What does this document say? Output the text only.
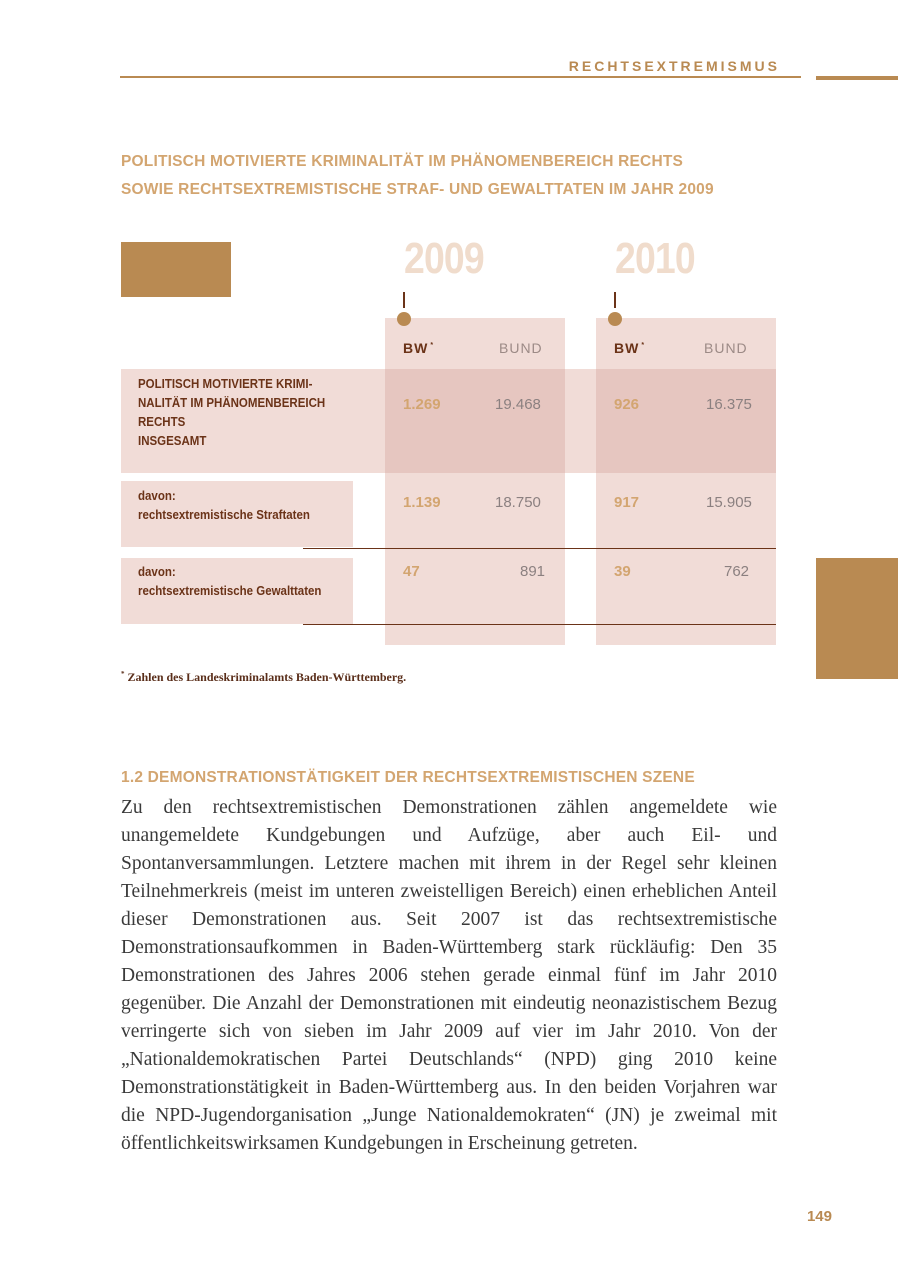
RECHTSEXTREMISMUS
POLITISCH MOTIVIERTE KRIMINALITÄT IM PHÄNOMENBEREICH RECHTS
SOWIE RECHTSEXTREMISTISCHE STRAF- UND GEWALTTATEN IM JAHR 2009
2009	2010
BW *	BUND	BW *	BUND
POLITISCH MOTIVIERTE KRIMI-
NALITÄT IM PHÄNOMENBEREICH
RECHTS
INSGESAMT
1.269	19.468	926	16.375
davon:
rechtsextremistische Straftaten
1.139	18.750	917	15.905
davon:
rechtsextremistische Gewalttaten
47	891	39	762
* Zahlen des Landeskriminalamts Baden-Württemberg.
1.2 DEMONSTRATIONSTÄTIGKEIT DER RECHTSEXTREMISTISCHEN SZENE
Zu den rechtsextremistischen Demonstrationen zählen angemeldete wie unangemeldete Kundgebungen und Aufzüge, aber auch Eil- und Spontanversammlungen. Letztere machen mit ihrem in der Regel sehr kleinen Teilnehmerkreis (meist im unteren zweistelligen Bereich) einen erheblichen Anteil dieser Demonstrationen aus. Seit 2007 ist das rechtsextremistische Demonstrationsaufkommen in Baden-Württemberg stark rückläufig: Den 35 Demonstrationen des Jahres 2006 stehen gerade einmal fünf im Jahr 2010 gegenüber. Die Anzahl der Demonstrationen mit eindeutig neonazistischem Bezug verringerte sich von sieben im Jahr 2009 auf vier im Jahr 2010. Von der „Nationaldemokratischen Partei Deutschlands“ (NPD) ging 2010 keine Demonstrationstätigkeit in Baden-Württemberg aus. In den beiden Vorjahren war die NPD-Jugendorganisation „Junge Nationaldemokraten“ (JN) je zweimal mit öffentlichkeitswirksamen Kundgebungen in Erscheinung getreten.
149
